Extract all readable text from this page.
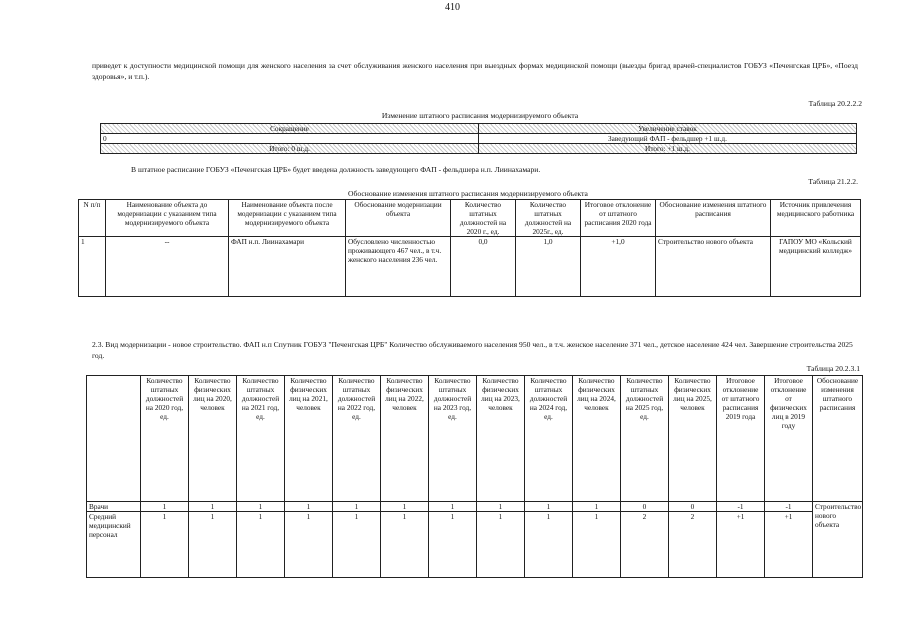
410
приведет к доступности медицинской помощи для женского населения за счет обслуживания женского населения при выездных формах медицинской помощи (выезды бригад врачей-специалистов ГОБУЗ «Печенгская ЦРБ», «Поезд здоровья», и т.п.).
Таблица 20.2.2.2
Изменение штатного расписания модернизируемого объекта
Сокращение	Увеличение ставок
0	Заведующий ФАП - фельдшер +1 ш.д.
Итого: 0 ш.д.	Итого: +1 ш.д.
В штатное расписание ГОБУЗ «Печенгская ЦРБ» будет введена должность заведующего ФАП - фельдшера н.п. Лиинахамари.
Таблица 21.2.2.
Обоснование изменения штатного расписания модернизируемого объекта
N п/п	Наименование объекта до модернизации с указанием типа модернизируемого объекта	Наименование объекта после модернизации с указанием типа модернизируемого объекта	Обоснование модернизации объекта	Количество штатных должностей на 2020 г., ед.	Количество штатных должностей на 2025г., ед.	Итоговое отклонение от штатного расписания 2020 года	Обоснование изменения штатного расписания	Источник привлечения медицинского работника
1	--	ФАП н.п. Лиинахамари	Обусловлено численностью проживающего 467 чел., в т.ч. женского населения 236 чел.	0,0	1,0	+1,0	Строительство нового объекта	ГАПОУ МО «Кольский медицинский колледж»
2.3. Вид модернизации - новое строительство. ФАП н.п Спутник ГОБУЗ "Печенгская ЦРБ" Количество обслуживаемого населения 950 чел., в т.ч. женское население 371 чел., детское население 424 чел. Завершение строительства 2025 год.
Таблица 20.2.3.1
	Количество штатных должностей на 2020 год, ед.	Количество физических лиц на 2020, человек	Количество штатных должностей на 2021 год, ед.	Количество физических лиц на 2021, человек	Количество штатных должностей на 2022 год, ед.	Количество физических лиц на 2022, человек	Количество штатных должностей на 2023 год, ед.	Количество физических лиц на 2023, человек	Количество штатных должностей на 2024 год, ед.	Количество физических лиц на 2024, человек	Количество штатных должностей на 2025 год, ед.	Количество физических лиц на 2025, человек	Итоговое отклонение от штатного расписания 2019 года	Итоговое отклонение от физических лиц в 2019 году	Обоснование изменения штатного расписания
Врачи	1	1	1	1	1	1	1	1	1	1	0	0	-1	-1	Строительство нового объекта
Средний медицинский персонал	1	1	1	1	1	1	1	1	1	1	2	2	+1	+1	
